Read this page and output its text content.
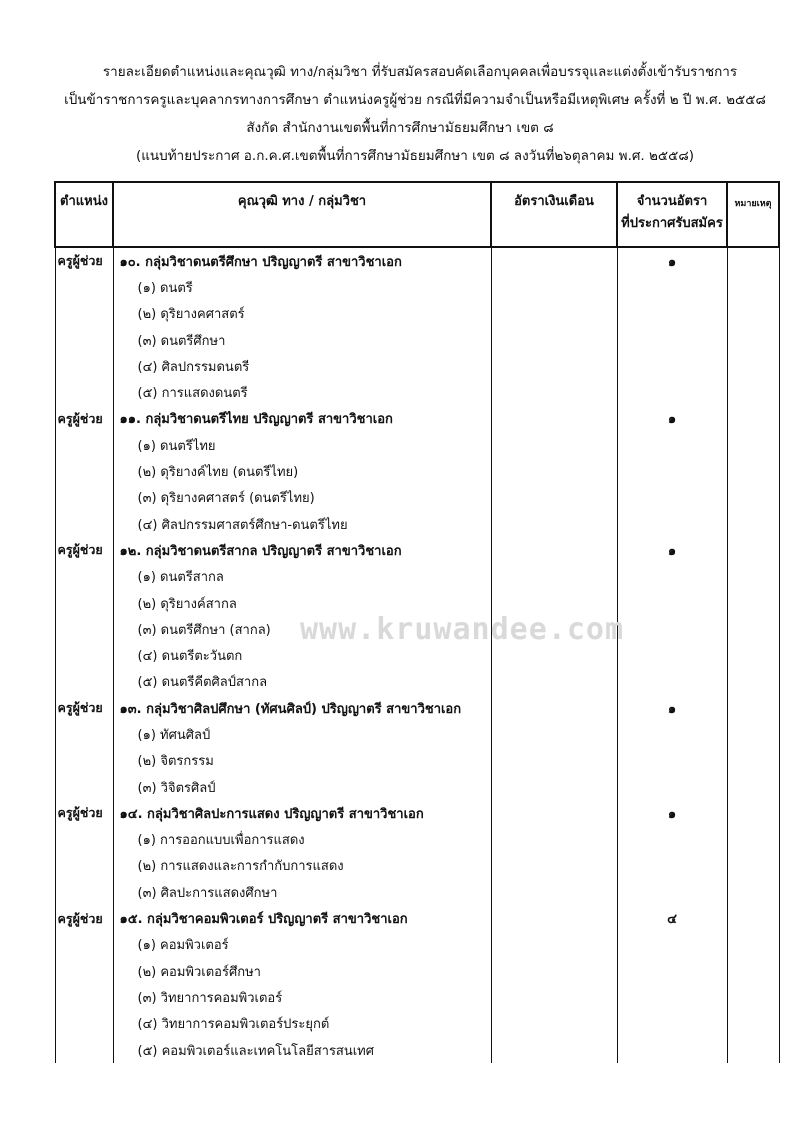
รายละเอียดตำแหน่งและคุณวุฒิ ทาง/กลุ่มวิชา ที่รับสมัครสอบคัดเลือกบุคคลเพื่อบรรจุและแต่งตั้งเข้ารับราชการ
เป็นข้าราชการครูและบุคลากรทางการศึกษา ตำแหน่งครูผู้ช่วย กรณีที่มีความจำเป็นหรือมีเหตุพิเศษ ครั้งที่ ๒ ปี พ.ศ. ๒๕๕๘
สังกัด สำนักงานเขตพื้นที่การศึกษามัธยมศึกษา เขต ๘
(แนบท้ายประกาศ อ.ก.ค.ศ.เขตพื้นที่การศึกษามัธยมศึกษา เขต ๘ ลงวันที่๒๖ตุลาคม พ.ศ. ๒๕๕๘)
ตำแหน่ง	คุณวุฒิ ทาง / กลุ่มวิชา	อัตราเงินเดือน	จำนวนอัตรา
ที่ประกาศรับสมัคร	หมายเหตุ
ครูผู้ช่วย	๑๐. กลุ่มวิชาดนตรีศึกษา ปริญญาตรี สาขาวิชาเอก		๑	
	(๑) ดนตรี			
	(๒) ดุริยางคศาสตร์			
	(๓) ดนตรีศึกษา			
	(๔) ศิลปกรรมดนตรี			
	(๕) การแสดงดนตรี			
ครูผู้ช่วย	๑๑. กลุ่มวิชาดนตรีไทย ปริญญาตรี สาขาวิชาเอก		๑	
	(๑) ดนตรีไทย			
	(๒) ดุริยางค์ไทย (ดนตรีไทย)			
	(๓) ดุริยางคศาสตร์ (ดนตรีไทย)			
	(๔) ศิลปกรรมศาสตร์ศึกษา-ดนตรีไทย			
ครูผู้ช่วย	๑๒. กลุ่มวิชาดนตรีสากล ปริญญาตรี สาขาวิชาเอก		๑	
	(๑) ดนตรีสากล			
	(๒) ดุริยางค์สากล			
	(๓) ดนตรีศึกษา (สากล)			
	(๔) ดนตรีตะวันตก			
	(๕) ดนตรีคีตศิลป์สากล			
ครูผู้ช่วย	๑๓. กลุ่มวิชาศิลปศึกษา (ทัศนศิลป์) ปริญญาตรี สาขาวิชาเอก		๑	
	(๑) ทัศนศิลป์			
	(๒) จิตรกรรม			
	(๓) วิจิตรศิลป์			
ครูผู้ช่วย	๑๔. กลุ่มวิชาศิลปะการแสดง ปริญญาตรี สาขาวิชาเอก		๑	
	(๑) การออกแบบเพื่อการแสดง			
	(๒) การแสดงและการกำกับการแสดง			
	(๓) ศิลปะการแสดงศึกษา			
ครูผู้ช่วย	๑๕. กลุ่มวิชาคอมพิวเตอร์ ปริญญาตรี สาขาวิชาเอก		๔	
	(๑) คอมพิวเตอร์			
	(๒) คอมพิวเตอร์ศึกษา			
	(๓) วิทยาการคอมพิวเตอร์			
	(๔) วิทยาการคอมพิวเตอร์ประยุกต์			
	(๕) คอมพิวเตอร์และเทคโนโลยีสารสนเทศ			
www.kruwandee.com
